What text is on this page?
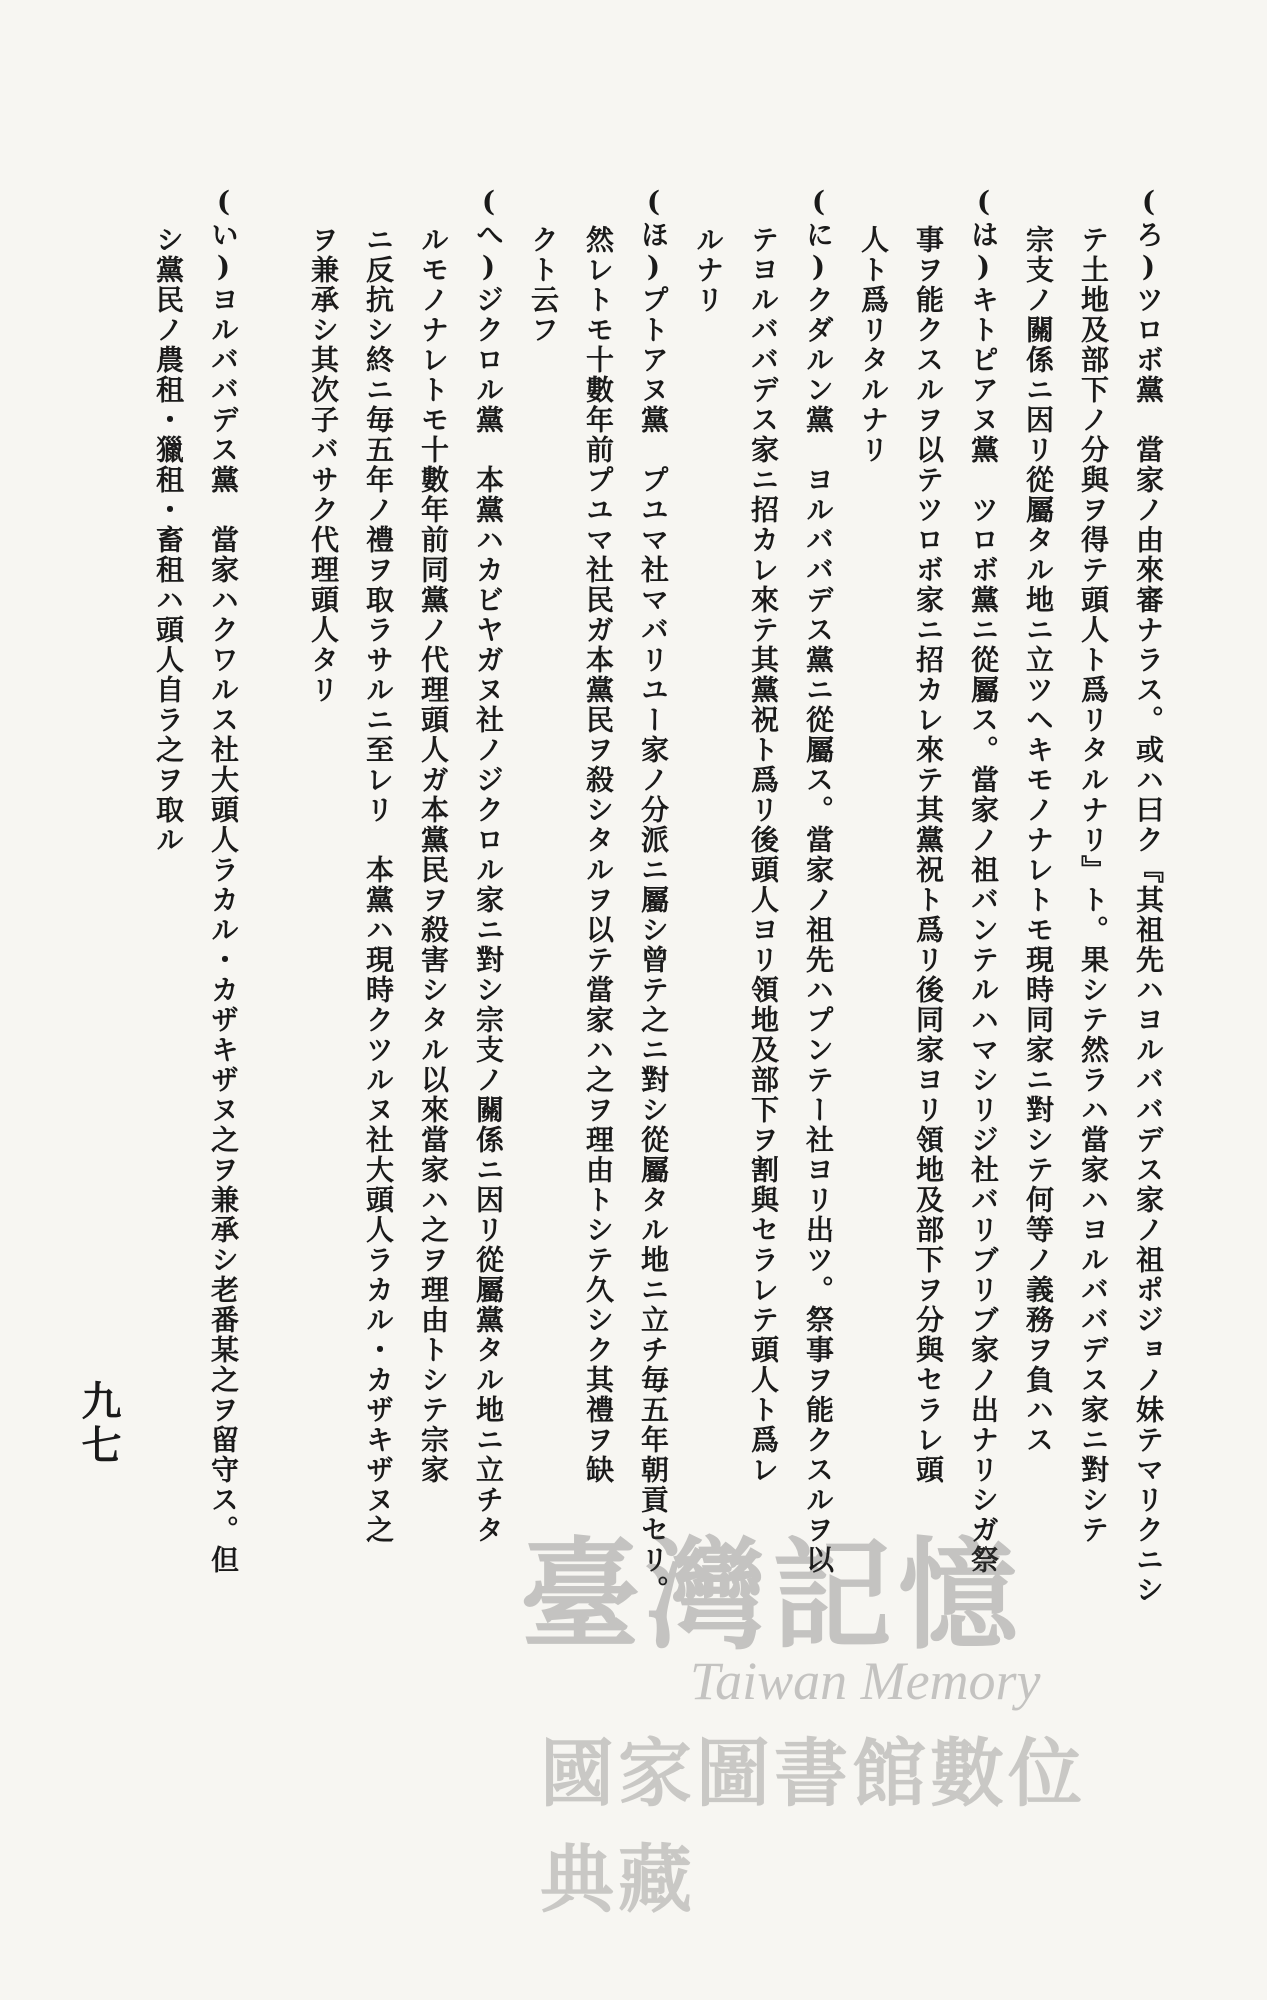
(い)ヨルババデス黨　當家ハクワルス社大頭人ラカル・カザキザヌ之ヲ兼承シ老番某之ヲ留守ス。但
シ黨民ノ農租・獵租・畜租ハ頭人自ラ之ヲ取ル	(ろ)ツロボ黨　當家ノ由來審ナラス。或ハ曰ク『其祖先ハヨルババデス家ノ祖ポジョノ妹テマリクニシ
テ土地及部下ノ分與ヲ得テ頭人ト爲リタルナリ』ト。果シテ然ラハ當家ハヨルババデス家ニ對シテ
宗支ノ關係ニ因リ從屬タル地ニ立ツヘキモノナレトモ現時同家ニ對シテ何等ノ義務ヲ負ハス
(は)キトピアヌ黨　ツロボ黨ニ從屬ス。當家ノ祖バンテルハマシリジ社バリブリブ家ノ出ナリシガ祭
事ヲ能クスルヲ以テツロボ家ニ招カレ來テ其黨祝ト爲リ後同家ヨリ領地及部下ヲ分與セラレ頭
人ト爲リタルナリ
(に)クダルン黨　ヨルババデス黨ニ從屬ス。當家ノ祖先ハプンテー社ヨリ出ツ。祭事ヲ能クスルヲ以
テヨルババデス家ニ招カレ來テ其黨祝ト爲リ後頭人ヨリ領地及部下ヲ割與セラレテ頭人ト爲レ
ルナリ
(ほ)プトアヌ黨　プユマ社マバリユー家ノ分派ニ屬シ曾テ之ニ對シ從屬タル地ニ立チ毎五年朝貢セリ。
然レトモ十數年前プユマ社民ガ本黨民ヲ殺シタルヲ以テ當家ハ之ヲ理由トシテ久シク其禮ヲ缺
クト云フ
(へ)ジクロル黨　本黨ハカビヤガヌ社ノジクロル家ニ對シ宗支ノ關係ニ因リ從屬黨タル地ニ立チタ
ルモノナレトモ十數年前同黨ノ代理頭人ガ本黨民ヲ殺害シタル以來當家ハ之ヲ理由トシテ宗家
ニ反抗シ終ニ毎五年ノ禮ヲ取ラサルニ至レリ　本黨ハ現時クツルヌ社大頭人ラカル・カザキザヌ之
ヲ兼承シ其次子バサク代理頭人タリ
九七
臺灣記憶
Taiwan Memory
國家圖書館數位典藏
